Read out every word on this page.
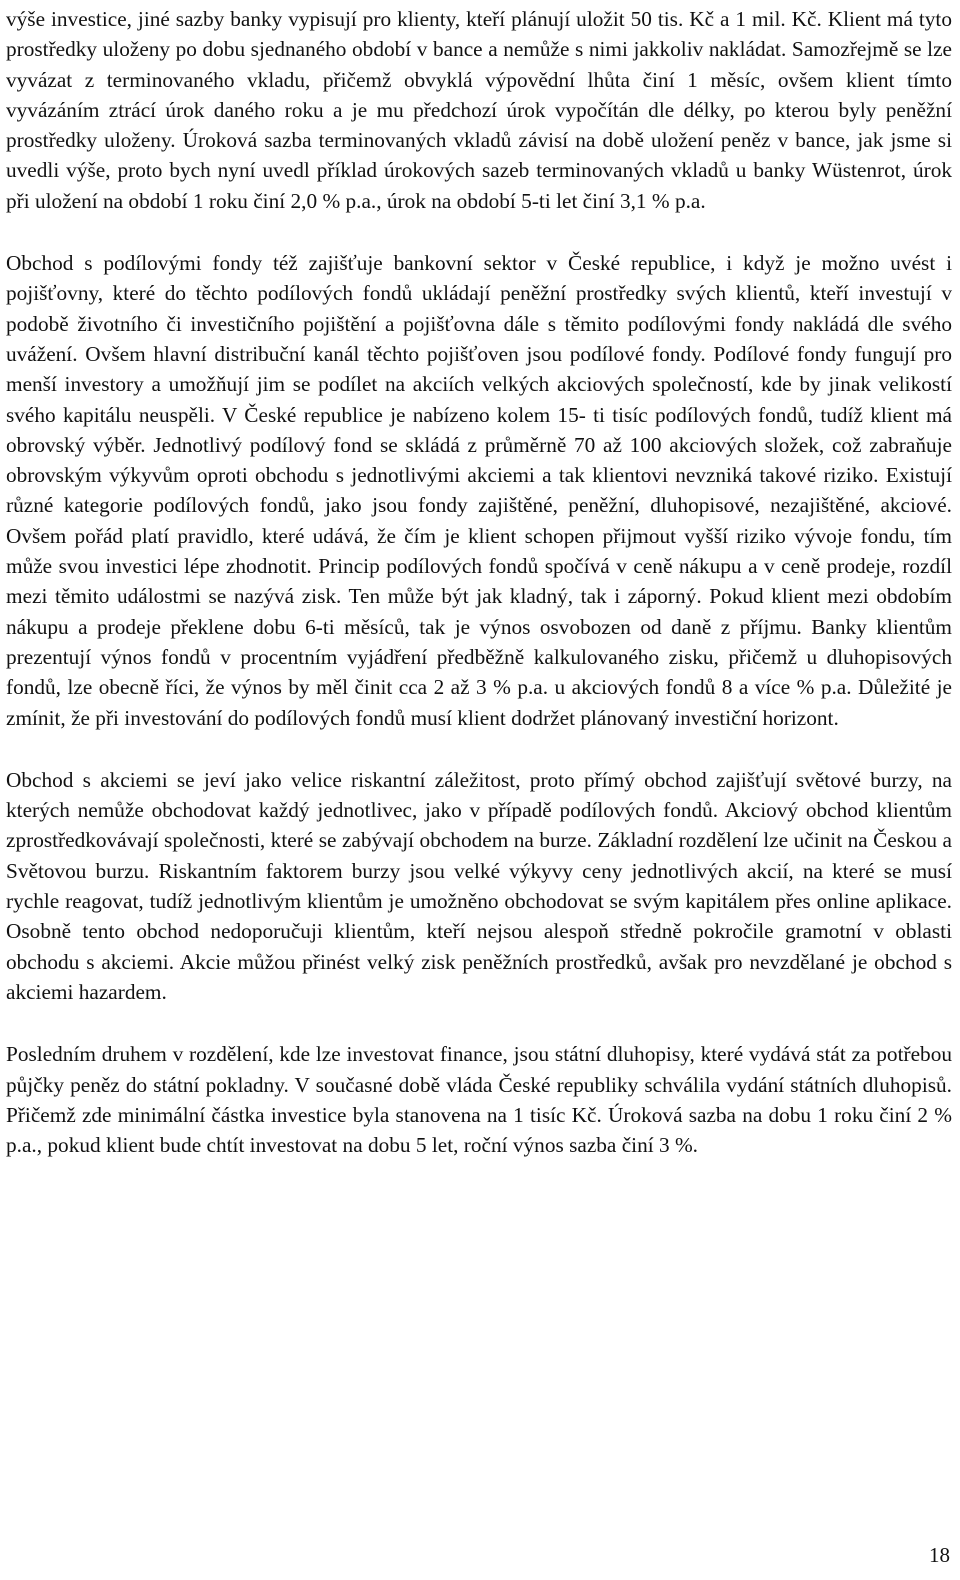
výše investice, jiné sazby banky vypisují pro klienty, kteří plánují uložit 50 tis. Kč a 1 mil. Kč. Klient má tyto prostředky uloženy po dobu sjednaného období v bance a nemůže s nimi jakkoliv nakládat. Samozřejmě se lze vyvázat z terminovaného vkladu, přičemž obvyklá výpovědní lhůta činí 1 měsíc, ovšem klient tímto vyvázáním ztrácí úrok daného roku a je mu předchozí úrok vypočítán dle délky, po kterou byly peněžní prostředky uloženy. Úroková sazba terminovaných vkladů závisí na době uložení peněz v bance, jak jsme si uvedli výše, proto bych nyní uvedl příklad úrokových sazeb terminovaných vkladů u banky Wüstenrot, úrok při uložení na období 1 roku činí 2,0 % p.a., úrok na období 5-ti let činí 3,1 % p.a.

Obchod s podílovými fondy též zajišťuje bankovní sektor v České republice, i když je možno uvést i pojišťovny, které do těchto podílových fondů ukládají peněžní prostředky svých klientů, kteří investují v podobě životního či investičního pojištění a pojišťovna dále s těmito podílovými fondy nakládá dle svého uvážení. Ovšem hlavní distribuční kanál těchto pojišťoven jsou podílové fondy. Podílové fondy fungují pro menší investory a umožňují jim se podílet na akciích velkých akciových společností, kde by jinak velikostí svého kapitálu neuspěli. V České republice je nabízeno kolem 15- ti tisíc podílových fondů, tudíž klient má obrovský výběr. Jednotlivý podílový fond se skládá z průměrně 70 až 100 akciových složek, což zabraňuje obrovským výkyvům oproti obchodu s jednotlivými akciemi a tak klientovi nevzniká takové riziko. Existují různé kategorie podílových fondů, jako jsou fondy zajištěné, peněžní, dluhopisové, nezajištěné, akciové. Ovšem pořád platí pravidlo, které udává, že čím je klient schopen přijmout vyšší riziko vývoje fondu, tím může svou investici lépe zhodnotit. Princip podílových fondů spočívá v ceně nákupu a v ceně prodeje, rozdíl mezi těmito událostmi se nazývá zisk. Ten může být jak kladný, tak i záporný. Pokud klient mezi obdobím nákupu a prodeje překlene dobu 6-ti měsíců, tak je výnos osvobozen od daně z příjmu. Banky klientům prezentují výnos fondů v procentním vyjádření předběžně kalkulovaného zisku, přičemž u dluhopisových fondů, lze obecně říci, že výnos by měl činit cca 2 až 3 % p.a. u akciových fondů 8 a více % p.a. Důležité je zmínit, že při investování do podílových fondů musí klient dodržet plánovaný investiční horizont.

Obchod s akciemi se jeví jako velice riskantní záležitost, proto přímý obchod zajišťují světové burzy, na kterých nemůže obchodovat každý jednotlivec, jako v případě podílových fondů. Akciový obchod klientům zprostředkovávají společnosti, které se zabývají obchodem na burze. Základní rozdělení lze učinit na Českou a Světovou burzu. Riskantním faktorem burzy jsou velké výkyvy ceny jednotlivých akcií, na které se musí rychle reagovat, tudíž jednotlivým klientům je umožněno obchodovat se svým kapitálem přes online aplikace. Osobně tento obchod nedoporučuji klientům, kteří nejsou alespoň středně pokročile gramotní v oblasti obchodu s akciemi. Akcie můžou přinést velký zisk peněžních prostředků, avšak pro nevzdělané je obchod s akciemi hazardem.

Posledním druhem v rozdělení, kde lze investovat finance, jsou státní dluhopisy, které vydává stát za potřebou půjčky peněz do státní pokladny. V současné době vláda České republiky schválila vydání státních dluhopisů. Přičemž zde minimální částka investice byla stanovena na 1 tisíc Kč. Úroková sazba na dobu 1 roku činí 2 % p.a., pokud klient bude chtít investovat na dobu 5 let, roční výnos sazba činí 3 %.

18
